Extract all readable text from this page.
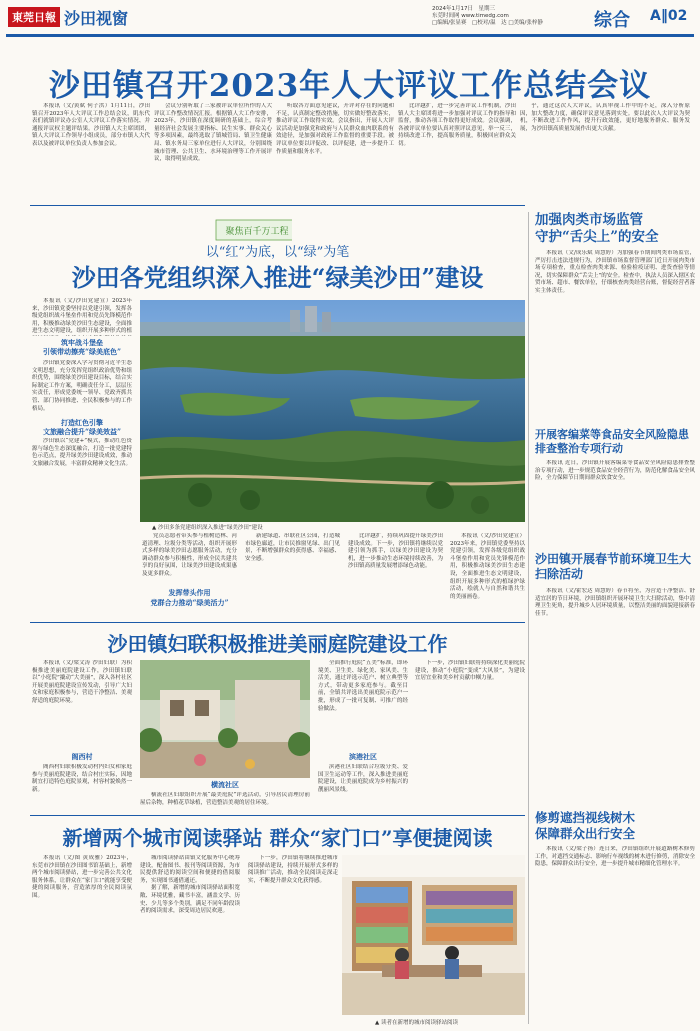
東莞日報 沙田视窗	2024年1月17日　星期三
东莞时间网 www.timedg.com
□编辑/张显赛　□校对/温　达 □美编/张梓静	综合 A‖02
沙田镇召开2023年人大评议工作总结会议

本报讯（文/黄斌 何子洪）1月11日，沙田镇召开2023年人大评议工作总结会议，肌东代表们就镇评议办公室人大评议工作落实情况、并通报评议权主题评结果。沙田镇人大主席团团，镇人大评议工作领导小组成员，部分市镇人大代表以及被评议单位负责人参加会议。

会议分别听取了三家被评议单位所作的人大评议工作整改情况汇报。根据镇人大工作安排，2023年，沙田镇在深度调研的基础上，综合考量经济社会发展主要指标、民生实事、群众关心等多项因素，最终选取了镇城管局、镇卫生健康局、镇水务局三家单位进行人大评议，分别围绕城市管理、公共卫生、水环境治理等工作开展评议，取得明显成效。

听取各方面意见建议，开评对存在的问题和不足，认真制定整改措施，切实做好整改落实，推动评议工作取得实效。会议指出，开展人大评议活动是加强党和政府与人民群众血肉联系的有效途径，是加强对政府工作监督的重要手段。被评议单位要以评促改、以评促建，进一步提升工作质量和服务水平。

比评越扩，进一步完善评议工作机制，沙田镇人大主席团将进一步加强对评议工作的指导和监督，推动各项工作取得更好成效。会议强调，各被评议单位要认真对照评议意见，举一反三，持续改进工作，提高服务质量，积极回应群众关切。

乎，通过这次人大评议，认真审视工作中的不足，深入分析原因，加大整改力度，确保评议意见落到实处。要以此次人大评议为契机，不断改进工作作风，提升行政效能，更好地服务群众、服务发展，为沙田镇高质量发展作出更大贡献。

聚焦百千万工程
以“红”为底，以“绿”为笔
沙田各党组织深入推进“绿美沙田”建设

本报讯（文/沙田党建宣）2023年来，沙田镇党委坚持以党建引领，发挥各级党组织战斗堡垒作用和党员先锋模范作用，积极推动绿美沙田生态建设，全面推进生态文明建设，组织开展多种形式的植

筑牢战斗堡垒
引领带动擦亮“绿美底色”

沙田镇党委深入学习贯彻习近平生态文明思想，充分发挥党组织政治优势和组织优势，围绕绿美沙田建设目标，结合实际制定工作方案，明确责任分工，层层压实责任，形成党委统一领导、党政齐抓共管、部门协同推进、全民积极参与的工作格局。

打造红色引擎
文旅融合提升“绿美效益”

沙田镇以“党建+”模式，推动红色资源与绿色生态深度融合，打造一批党建特色示范点，提升绿美沙田建设成效，推动文旅融合发展，丰富群众精神文化生活。

▲ 沙田多条党建组织深入推进“绿美沙田”建设

党员志愿者带头参与植树造林、河道清理、垃圾分类等活动，组织开展形式多样的绿美沙田志愿服务活动，充分调动群众参与积极性，形成全民共建共享的良好氛围，让绿美沙田建设成果惠及更多群众。

发挥带头作用
党群合力推动“绿美活力”

新建绿道、串联社区公园，打造城市绿色廊道，让市民推窗见绿、出门见景，不断增强群众的获得感、幸福感、安全感。

比评越扩，持续巩固提升绿美沙田建设成效。下一步，沙田镇将继续以党建引领为抓手，以绿美沙田建设为契机，进一步推动生态环境持续改善，为沙田镇高质量发展增添绿色动能。

本报讯（文/沙田党建宣）2023年来，沙田镇党委坚持以党建引领，发挥各级党组织战斗堡垒作用和党员先锋模范作用，积极推动绿美沙田生态建设，全面推进生态文明建设，组织开展多种形式的植绿护绿活动，绘就人与自然和谐共生的美丽画卷。

沙田镇妇联积极推进美丽庭院建设工作

本报讯（文/梁文涛 沙田妇联）为积极推进美丽庭院建设工作，沙田镇妇联以“小庭院”撬动“大美丽”，深入各村社区开展美丽庭院建设宣传发动，引导广大妇女和家庭积极参与，营造干净整洁、美观舒适的庭院环境。

阁西村

阁西村妇联积极发动村内妇女和家庭参与美丽庭院建设，结合村庄实际，因地制宜打造特色庭院景观，村容村貌焕然一新。

横流社区

横流社区妇联组织开展“最美庭院”评选活动，引导居民清理房前屋后杂物，种植花草绿植，营造整洁美观的居住环境。

全面推行庭院“五美”标准，即环境美、卫生美、绿化美、家风美、生活美，通过评选示范户、树立典型等方式，带动更多家庭参与。截至目前，全镇共评选出美丽庭院示范户一批，形成了一批可复制、可推广的经验做法。

滨港社区

滨港社区妇联结合垃圾分类、爱国卫生运动等工作，深入推进美丽庭院建设，让美丽庭院成为乡村振兴的靓丽风景线。

下一步，沙田镇妇联将持续深化美丽庭院建设，推动“小庭院”变成“大风景”，为建设宜居宜业和美乡村贡献巾帼力量。

新增两个城市阅读驿站 群众“家门口”享便捷阅读

本报讯（文/图 黄成雅）2023年，东莞市沙田镇在沙田图书馆基础上，新增两个城市阅读驿站，进一步完善公共文化服务体系，让群众在“家门口”就能享受便捷的阅读服务，营造浓厚的全民阅读氛围。

城市阅读驿站由镇文化服务中心统筹建设，配备图书、报刊等阅读资源，为市民提供舒适的阅读空间和便捷的借阅服务，实现图书通借通还。

据了解，新增的城市阅读驿站面积宽敞、环境优雅，藏书丰富，涵盖文学、历史、少儿等多个类别，满足不同年龄段读者的阅读需求，深受周边居民欢迎。

下一步，沙田镇将继续推进城市阅读驿站建设，持续开展形式多样的阅读推广活动，推动全民阅读走深走实，不断提升群众文化获得感。

▲ 读者在新增的城市阅读驿站阅读
加强肉类市场监管
守护“舌尖上”的安全

本报讯（文/成乐斌 周慧婷）为加强春节期间肉类市场监管，严厉打击违法违规行为，沙田镇市场监督管理部门近日开展肉类市场专项检查，重点检查肉类来源、检验检疫证明、进货查验等情况，切实保障群众“舌尖上”的安全。检查中，执法人员深入辖区农贸市场、超市、餐饮单位，仔细核查肉类经营台账，督促经营者落实主体责任。

开展客编菜等食品安全风险隐患排查整治专项行动

本报讯 近日，沙田镇开展客编菜等食品安全风险隐患排查整治专项行动，进一步规范食品安全经营行为，防范化解食品安全风险，全力保障节日期间群众饮食安全。

沙田镇开展春节前环境卫生大扫除活动

本报讯（文/霍宏达 周慧婷）春节将至，为营造干净整洁、舒适宜居的节日环境，沙田镇组织开展环境卫生大扫除活动，集中清理卫生死角，提升城乡人居环境质量，以整洁美丽的面貌迎接新春佳节。

修剪遮挡视线树木
保障群众出行安全

本报讯（文/梁子扬）连日来，沙田镇组织开展道路树木修剪工作，对遮挡交通标志、影响行车视线的树木进行修剪，消除安全隐患，保障群众出行安全，进一步提升城市精细化管理水平。
